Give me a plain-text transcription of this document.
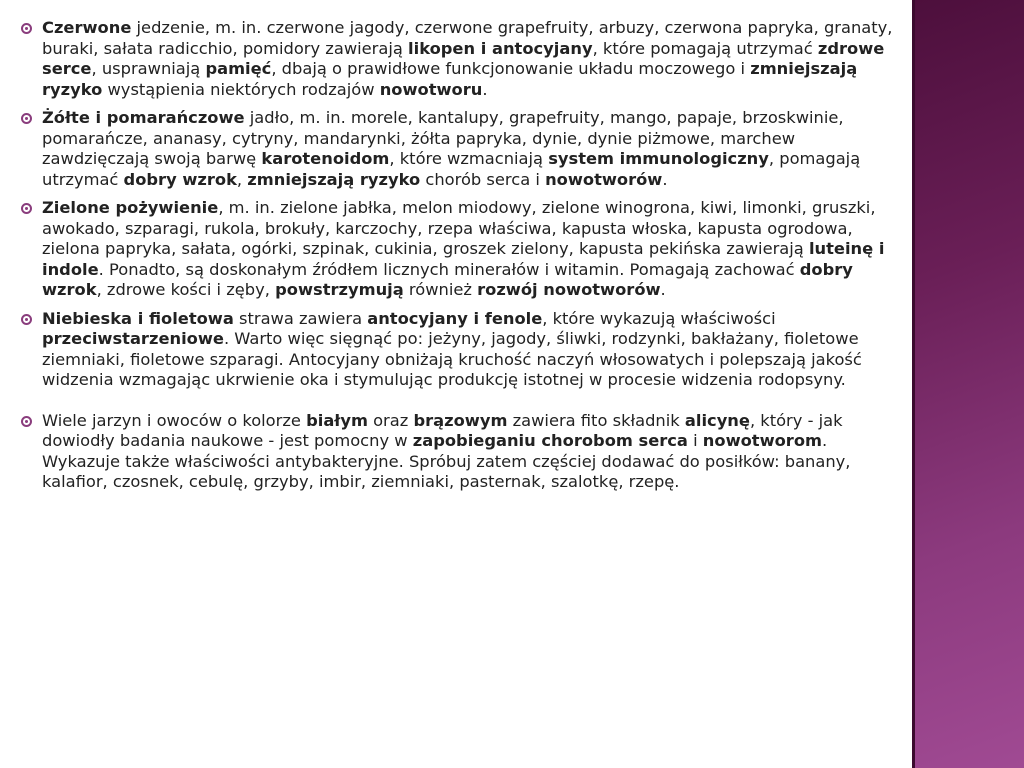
Czerwone jedzenie, m. in. czerwone jagody, czerwone grapefruity, arbuzy, czerwona papryka, granaty, buraki, sałata radicchio, pomidory zawierają likopen i antocyjany, które pomagają utrzymać zdrowe serce, usprawniają pamięć, dbają o prawidłowe funkcjonowanie układu moczowego i zmniejszają ryzyko wystąpienia niektórych rodzajów nowotworu.
Żółte i pomarańczowe jadło, m. in. morele, kantalupy, grapefruity, mango, papaje, brzoskwinie, pomarańcze, ananasy, cytryny, mandarynki, żółta papryka, dynie, dynie piżmowe, marchew zawdzięczają swoją barwę karotenoidom, które wzmacniają system immunologiczny, pomagają utrzymać dobry wzrok, zmniejszają ryzyko chorób serca i nowotworów.
Zielone pożywienie, m. in. zielone jabłka, melon miodowy, zielone winogrona, kiwi, limonki, gruszki, awokado, szparagi, rukola, brokuły, karczochy, rzepa właściwa, kapusta włoska, kapusta ogrodowa, zielona papryka, sałata, ogórki, szpinak, cukinia, groszek zielony, kapusta pekińska zawierają luteinę i indole. Ponadto, są doskonałym źródłem licznych minerałów i witamin. Pomagają zachować dobry wzrok, zdrowe kości i zęby, powstrzymują również rozwój nowotworów.
Niebieska i fioletowa strawa zawiera antocyjany i fenole, które wykazują właściwości przeciwstarzeniowe. Warto więc sięgnąć po: jeżyny, jagody, śliwki, rodzynki, bakłażany, fioletowe ziemniaki, fioletowe szparagi. Antocyjany obniżają kruchość naczyń włosowatych i polepszają jakość widzenia wzmagając ukrwienie oka i stymulując produkcję istotnej w procesie widzenia rodopsyny.
Wiele jarzyn i owoców o kolorze białym oraz brązowym zawiera fito składnik alicynę, który - jak dowiodły badania naukowe - jest pomocny w zapobieganiu chorobom serca i nowotworom. Wykazuje także właściwości antybakteryjne. Spróbuj zatem częściej dodawać do posiłków: banany, kalafior, czosnek, cebulę, grzyby, imbir, ziemniaki, pasternak, szalotkę, rzepę.
